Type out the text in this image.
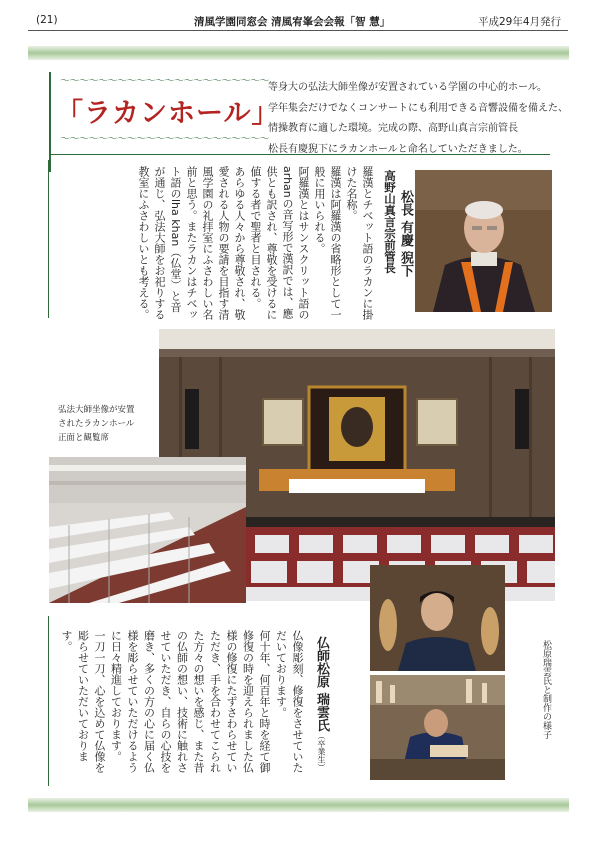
(21)	清風学園同窓会 清風宥峯会会報「智 慧」	平成29年4月発行
〜〜〜〜〜〜〜〜〜〜〜〜〜〜〜〜〜〜〜〜〜〜
「ラカンホール」
〜〜〜〜〜〜〜〜〜〜〜〜〜〜〜〜〜〜〜〜〜〜
等身大の弘法大師坐像が安置されている学園の中心的ホール。
学年集会だけでなくコンサートにも利用できる音響設備を備えた、
情操教育に適した環境。完成の際、高野山真言宗前管長
松長有慶猊下にラカンホールと命名していただきました。

羅漢とチベット語のラカンに掛けた名称。

羅漢は阿羅漢の省略形として一般に用いられる。

阿羅漢とはサンスクリット語のarhanの音写形で漢訳では、應供とも訳され、尊敬を受けるに値する者で聖者と目される。

あらゆる人々から尊敬され、敬愛される人物の要請を目指す清風学園の礼拝室にふさわしい名前と思う。またラカンはチベット語のlha khan（仏堂）と音が通じ、弘法大師をお祀りする教室にふさわしいとも考える。	高野山真言宗前管長 松長 有慶 猊下
弘法大師坐像が安置
されたラカンホール
正面と観覧席

仏像彫刻、修復をさせていただいております。

何十年、何百年と時を経て御修復の時を迎えられました仏様の修復にたずさわらせていただき、手を合わせてこられた方々の想いを感じ、また昔の仏師の想い、技術に触れさせていただき、自らの心技を磨き、多くの方の心に届く仏様を彫らせていただけるように日々精進しております。

一刀一刀、心を込めて仏像を彫らせていただいております。	仏師松原 瑞雲氏（卒業生）
松原瑞雲氏と制作の様子
